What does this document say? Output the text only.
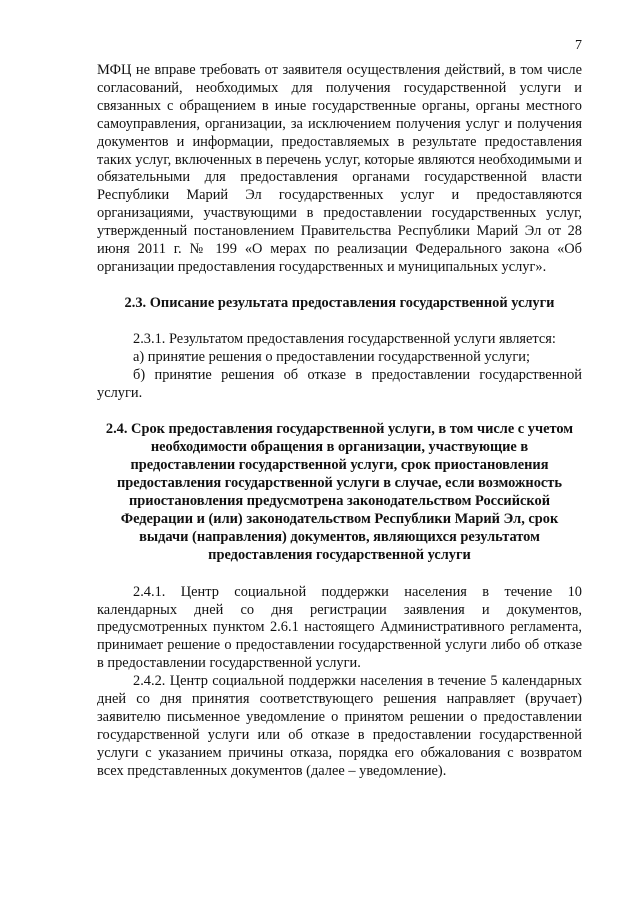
7

МФЦ не вправе требовать от заявителя осуществления действий, в том числе согласований, необходимых для получения государственной услуги и связанных с обращением в иные государственные органы, органы местного самоуправления, организации, за исключением получения услуг и получения документов и информации, предоставляемых в результате предоставления таких услуг, включенных в перечень услуг, которые являются необходимыми и обязательными для предоставления органами государственной власти Республики Марий Эл государственных услуг и предоставляются организациями, участвующими в предоставлении государственных услуг, утвержденный постановлением Правительства Республики Марий Эл от 28 июня 2011 г. № 199 «О мерах по реализации Федерального закона «Об организации предоставления государственных и муниципальных услуг».

2.3. Описание результата предоставления государственной услуги

2.3.1. Результатом предоставления государственной услуги является:

а) принятие решения о предоставлении государственной услуги;

б) принятие решения об отказе в предоставлении государственной услуги.

2.4. Срок предоставления государственной услуги, в том числе с учетом необходимости обращения в организации, участвующие в предоставлении государственной услуги, срок приостановления предоставления государственной услуги в случае, если возможность приостановления предусмотрена законодательством Российской Федерации и (или) законодательством Республики Марий Эл, срок выдачи (направления) документов, являющихся результатом предоставления государственной услуги

2.4.1. Центр социальной поддержки населения в течение 10 календарных дней со дня регистрации заявления и документов, предусмотренных пунктом 2.6.1 настоящего Административного регламента, принимает решение о предоставлении государственной услуги либо об отказе в предоставлении государственной услуги.

2.4.2. Центр социальной поддержки населения в течение 5 календарных дней со дня принятия соответствующего решения направляет (вручает) заявителю письменное уведомление о принятом решении о предоставлении государственной услуги или об отказе в предоставлении государственной услуги с указанием причины отказа, порядка его обжалования с возвратом всех представленных документов (далее – уведомление).
